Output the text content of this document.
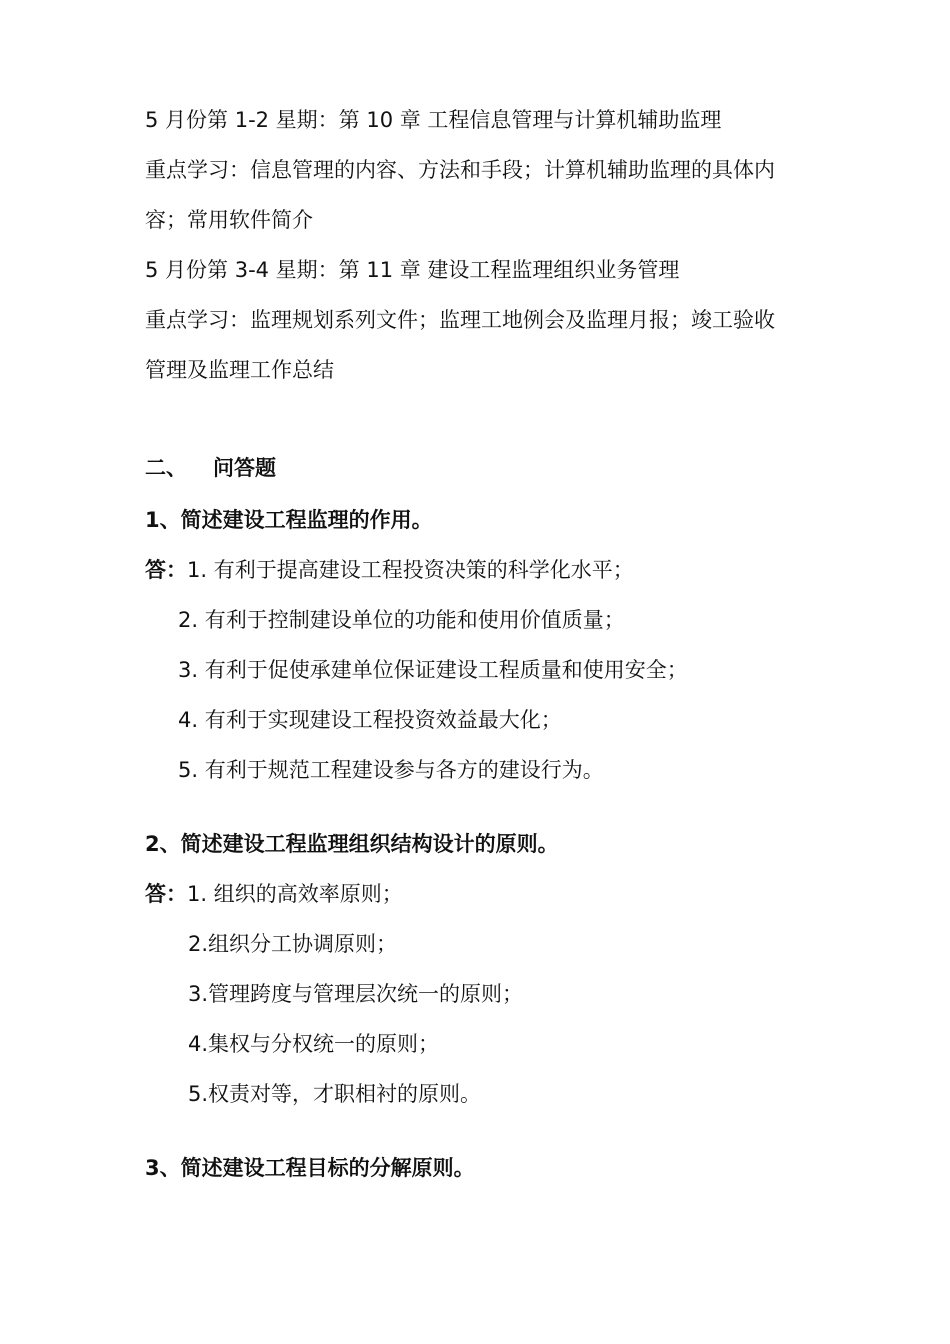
5 月份第 1-2 星期：第 10 章 工程信息管理与计算机辅助监理
重点学习：信息管理的内容、方法和手段；计算机辅助监理的具体内
容；常用软件简介
5 月份第 3-4 星期：第 11 章 建设工程监理组织业务管理
重点学习：监理规划系列文件；监理工地例会及监理月报；竣工验收
管理及监理工作总结
二、 问答题
1、简述建设工程监理的作用。
答：1. 有利于提高建设工程投资决策的科学化水平；
2. 有利于控制建设单位的功能和使用价值质量；
3. 有利于促使承建单位保证建设工程质量和使用安全；
4. 有利于实现建设工程投资效益最大化；
5. 有利于规范工程建设参与各方的建设行为。
2、简述建设工程监理组织结构设计的原则。
答：1. 组织的高效率原则；
2.组织分工协调原则；
3.管理跨度与管理层次统一的原则；
4.集权与分权统一的原则；
5.权责对等，才职相衬的原则。
3、简述建设工程目标的分解原则。
